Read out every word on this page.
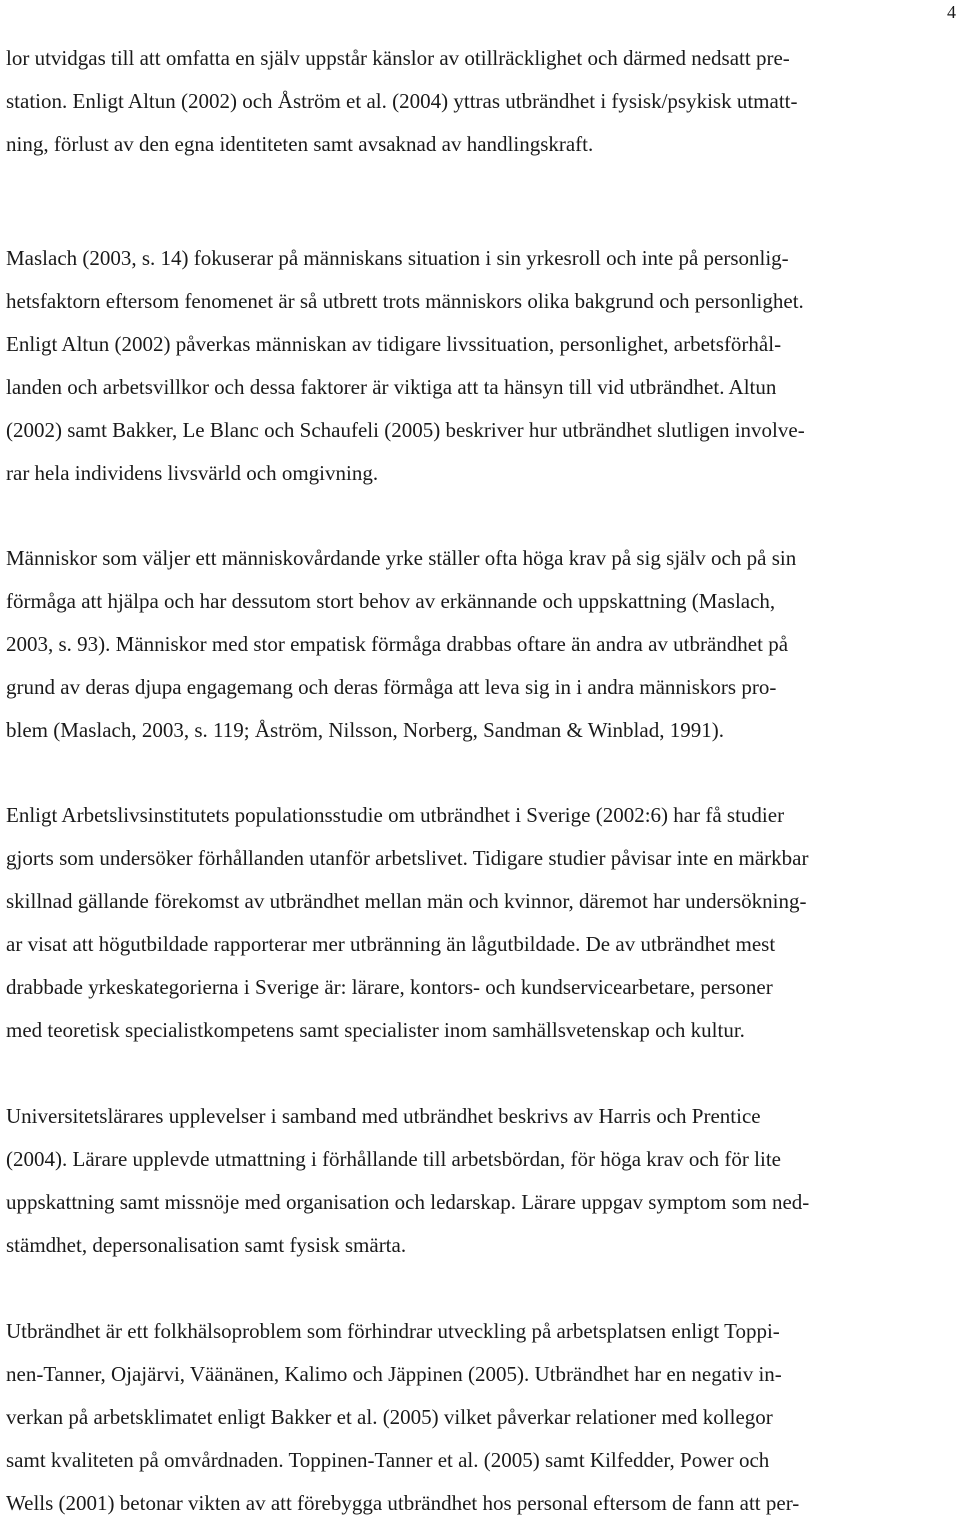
4
lor utvidgas till att omfatta en själv uppstår känslor av otillräcklighet och därmed nedsatt pre-
station. Enligt Altun (2002) och Åström et al. (2004) yttras utbrändhet i fysisk/psykisk utmatt-
ning, förlust av den egna identiteten samt avsaknad av handlingskraft.
Maslach (2003, s. 14) fokuserar på människans situation i sin yrkesroll och inte på personlig-
hetsfaktorn eftersom fenomenet är så utbrett trots människors olika bakgrund och personlighet.
Enligt Altun (2002) påverkas människan av tidigare livssituation, personlighet, arbetsförhål-
landen och arbetsvillkor och dessa faktorer är viktiga att ta hänsyn till vid utbrändhet. Altun
(2002) samt Bakker, Le Blanc och Schaufeli (2005) beskriver hur utbrändhet slutligen involve-
rar hela individens livsvärld och omgivning.
Människor som väljer ett människovårdande yrke ställer ofta höga krav på sig själv och på sin
förmåga att hjälpa och har dessutom stort behov av erkännande och uppskattning (Maslach,
2003, s. 93). Människor med stor empatisk förmåga drabbas oftare än andra av utbrändhet på
grund av deras djupa engagemang och deras förmåga att leva sig in i andra människors pro-
blem (Maslach, 2003, s. 119; Åström, Nilsson, Norberg, Sandman & Winblad, 1991).
Enligt Arbetslivsinstitutets populationsstudie om utbrändhet i Sverige (2002:6) har få studier
gjorts som undersöker förhållanden utanför arbetslivet. Tidigare studier påvisar inte en märkbar
skillnad gällande förekomst av utbrändhet mellan män och kvinnor, däremot har undersökning-
ar visat att högutbildade rapporterar mer utbränning än lågutbildade. De av utbrändhet mest
drabbade yrkeskategorierna i Sverige är: lärare, kontors- och kundservicearbetare, personer
med teoretisk specialistkompetens samt specialister inom samhällsvetenskap och kultur.
Universitetslärares upplevelser i samband med utbrändhet beskrivs av Harris och Prentice
(2004). Lärare upplevde utmattning i förhållande till arbetsbördan, för höga krav och för lite
uppskattning samt missnöje med organisation och ledarskap. Lärare uppgav symptom som ned-
stämdhet, depersonalisation samt fysisk smärta.
Utbrändhet är ett folkhälsoproblem som förhindrar utveckling på arbetsplatsen enligt Toppi-
nen-Tanner, Ojajärvi, Väänänen, Kalimo och Jäppinen (2005). Utbrändhet har en negativ in-
verkan på arbetsklimatet enligt Bakker et al. (2005) vilket påverkar relationer med kollegor
samt kvaliteten på omvårdnaden. Toppinen-Tanner et al. (2005) samt Kilfedder, Power och
Wells (2001) betonar vikten av att förebygga utbrändhet hos personal eftersom de fann att per-
